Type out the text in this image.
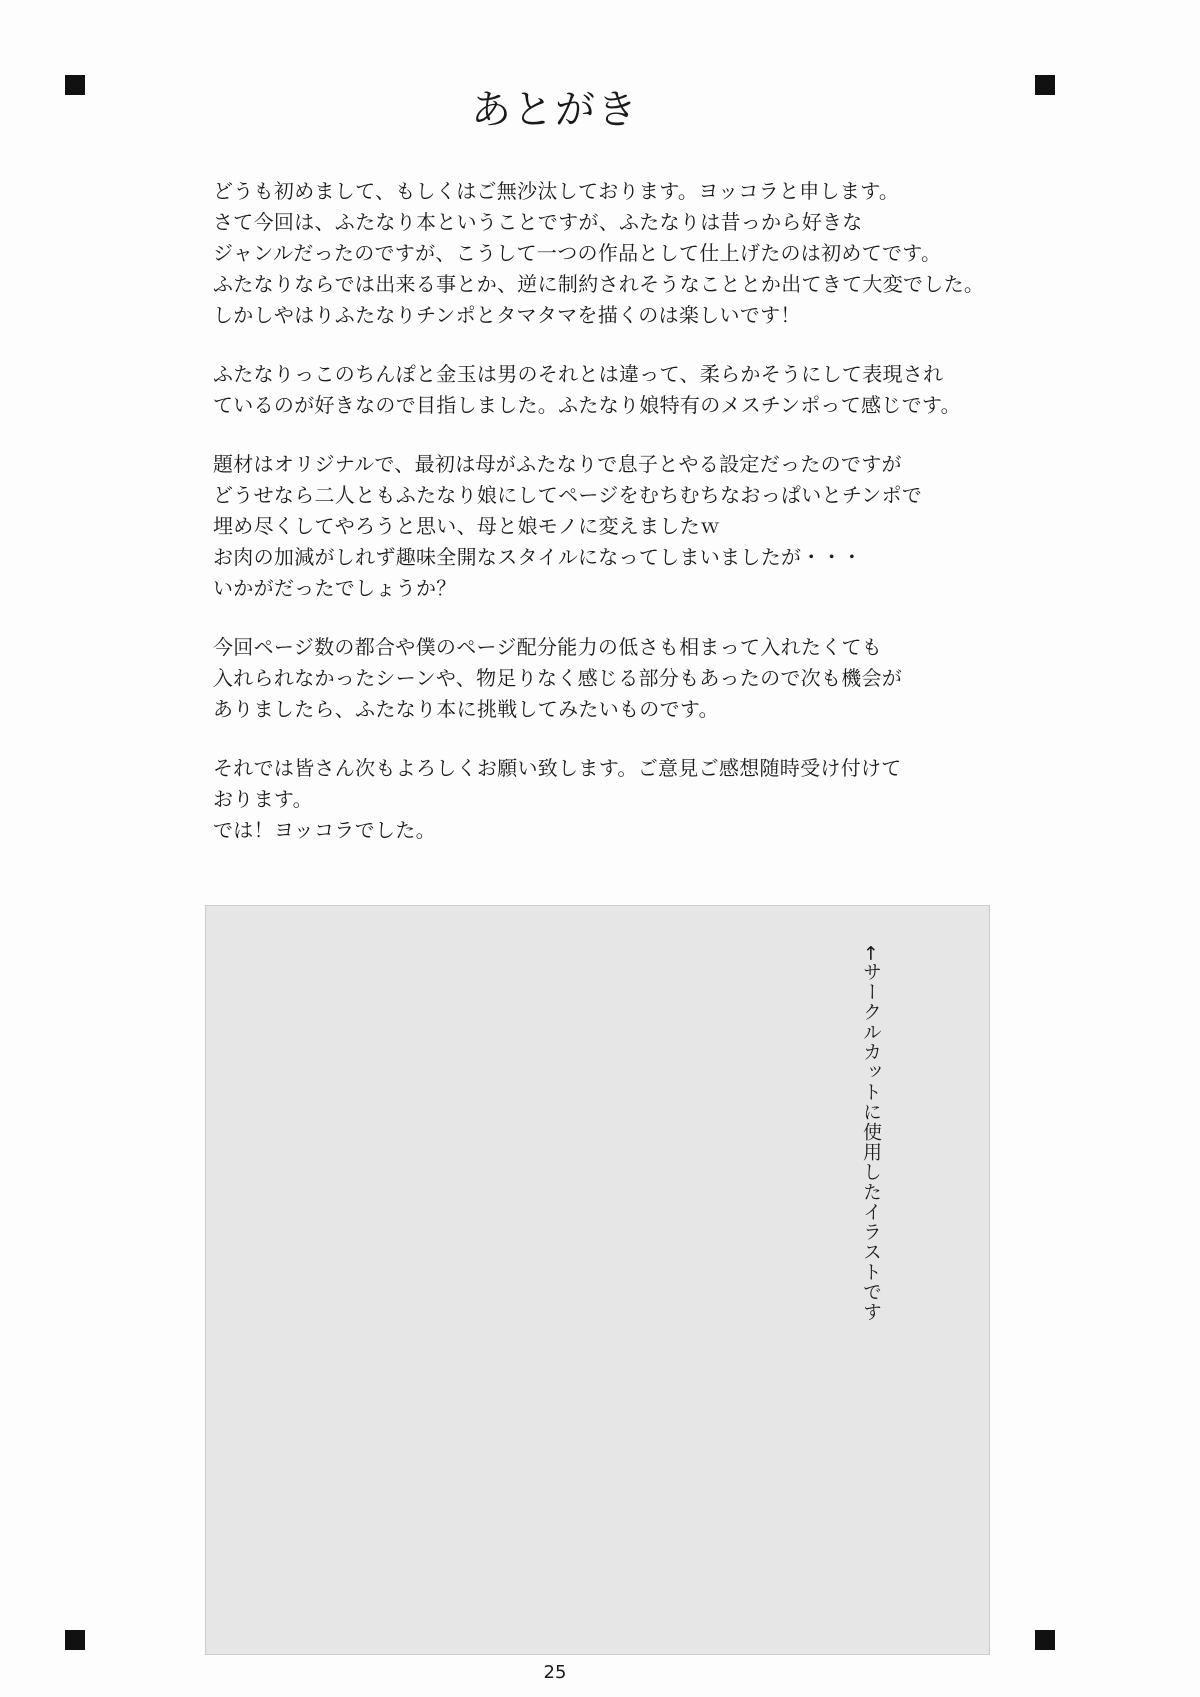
あとがき
どうも初めまして、もしくはご無沙汰しております。ヨッコラと申します。
さて今回は、ふたなり本ということですが、ふたなりは昔っから好きな
ジャンルだったのですが、こうして一つの作品として仕上げたのは初めてです。
ふたなりならでは出来る事とか、逆に制約されそうなこととか出てきて大変でした。
しかしやはりふたなりチンポとタマタマを描くのは楽しいです！
ふたなりっこのちんぽと金玉は男のそれとは違って、柔らかそうにして表現され
ているのが好きなので目指しました。ふたなり娘特有のメスチンポって感じです。
題材はオリジナルで、最初は母がふたなりで息子とやる設定だったのですが
どうせなら二人ともふたなり娘にしてページをむちむちなおっぱいとチンポで
埋め尽くしてやろうと思い、母と娘モノに変えましたｗ
お肉の加減がしれず趣味全開なスタイルになってしまいましたが・・・
いかがだったでしょうか？
今回ページ数の都合や僕のページ配分能力の低さも相まって入れたくても
入れられなかったシーンや、物足りなく感じる部分もあったので次も機会が
ありましたら、ふたなり本に挑戦してみたいものです。
それでは皆さん次もよろしくお願い致します。ご意見ご感想随時受け付けて
おります。
では！ヨッコラでした。
←サークルカットに使用したイラストです
25
